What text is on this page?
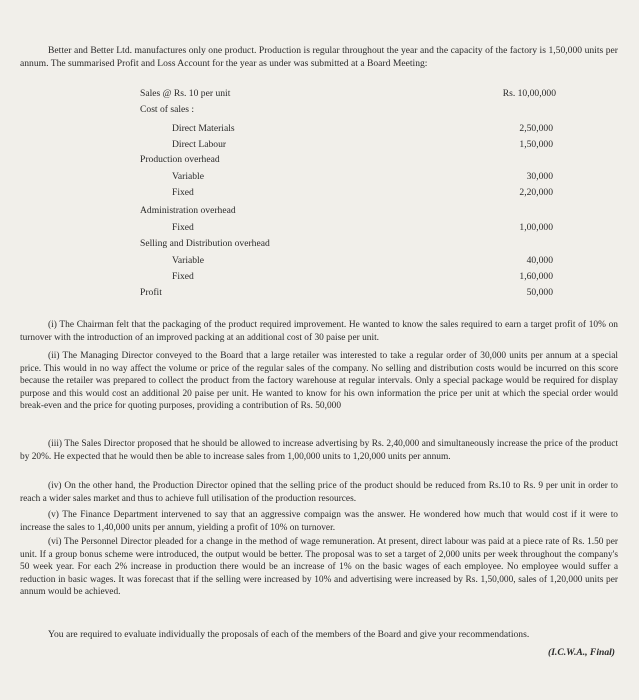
Better and Better Ltd. manufactures only one product. Production is regular throughout the year and the capacity of the factory is 1,50,000 units per annum. The summarised Profit and Loss Account for the year as under was submitted at a Board Meeting:

Sales @ Rs. 10 per unit	Rs. 10,00,000
Cost of sales :
Direct Materials	2,50,000
Direct Labour	1,50,000
Production overhead
Variable	30,000
Fixed	2,20,000
Administration overhead
Fixed	1,00,000
Selling and Distribution overhead
Variable	40,000
Fixed	1,60,000
Profit	50,000

(i) The Chairman felt that the packaging of the product required improvement. He wanted to know the sales required to earn a target profit of 10% on turnover with the introduction of an improved packing at an additional cost of 30 paise per unit.

(ii) The Managing Director conveyed to the Board that a large retailer was interested to take a regular order of 30,000 units per annum at a special price. This would in no way affect the volume or price of the regular sales of the company. No selling and distribution costs would be incurred on this score because the retailer was prepared to collect the product from the factory warehouse at regular intervals. Only a special package would be required for display purpose and this would cost an additional 20 paise per unit. He wanted to know for his own information the price per unit at which the special order would break-even and the price for quoting purposes, providing a contribution of Rs. 50,000

(iii) The Sales Director proposed that he should be allowed to increase advertising by Rs. 2,40,000 and simultaneously increase the price of the product by 20%. He expected that he would then be able to increase sales from 1,00,000 units to 1,20,000 units per annum.

(iv) On the other hand, the Production Director opined that the selling price of the product should be reduced from Rs.10 to Rs. 9 per unit in order to reach a wider sales market and thus to achieve full utilisation of the production resources.

(v) The Finance Department intervened to say that an aggressive compaign was the answer. He wondered how much that would cost if it were to increase the sales to 1,40,000 units per annum, yielding a profit of 10% on turnover.

(vi) The Personnel Director pleaded for a change in the method of wage remuneration. At present, direct labour was paid at a piece rate of Rs. 1.50 per unit. If a group bonus scheme were introduced, the output would be better. The proposal was to set a target of 2,000 units per week throughout the company's 50 week year. For each 2% increase in production there would be an increase of 1% on the basic wages of each employee. No employee would suffer a reduction in basic wages. It was forecast that if the selling were increased by 10% and advertising were increased by Rs. 1,50,000, sales of 1,20,000 units per annum would be achieved.

You are required to evaluate individually the proposals of each of the members of the Board and give your recommendations.

(I.C.W.A., Final)
